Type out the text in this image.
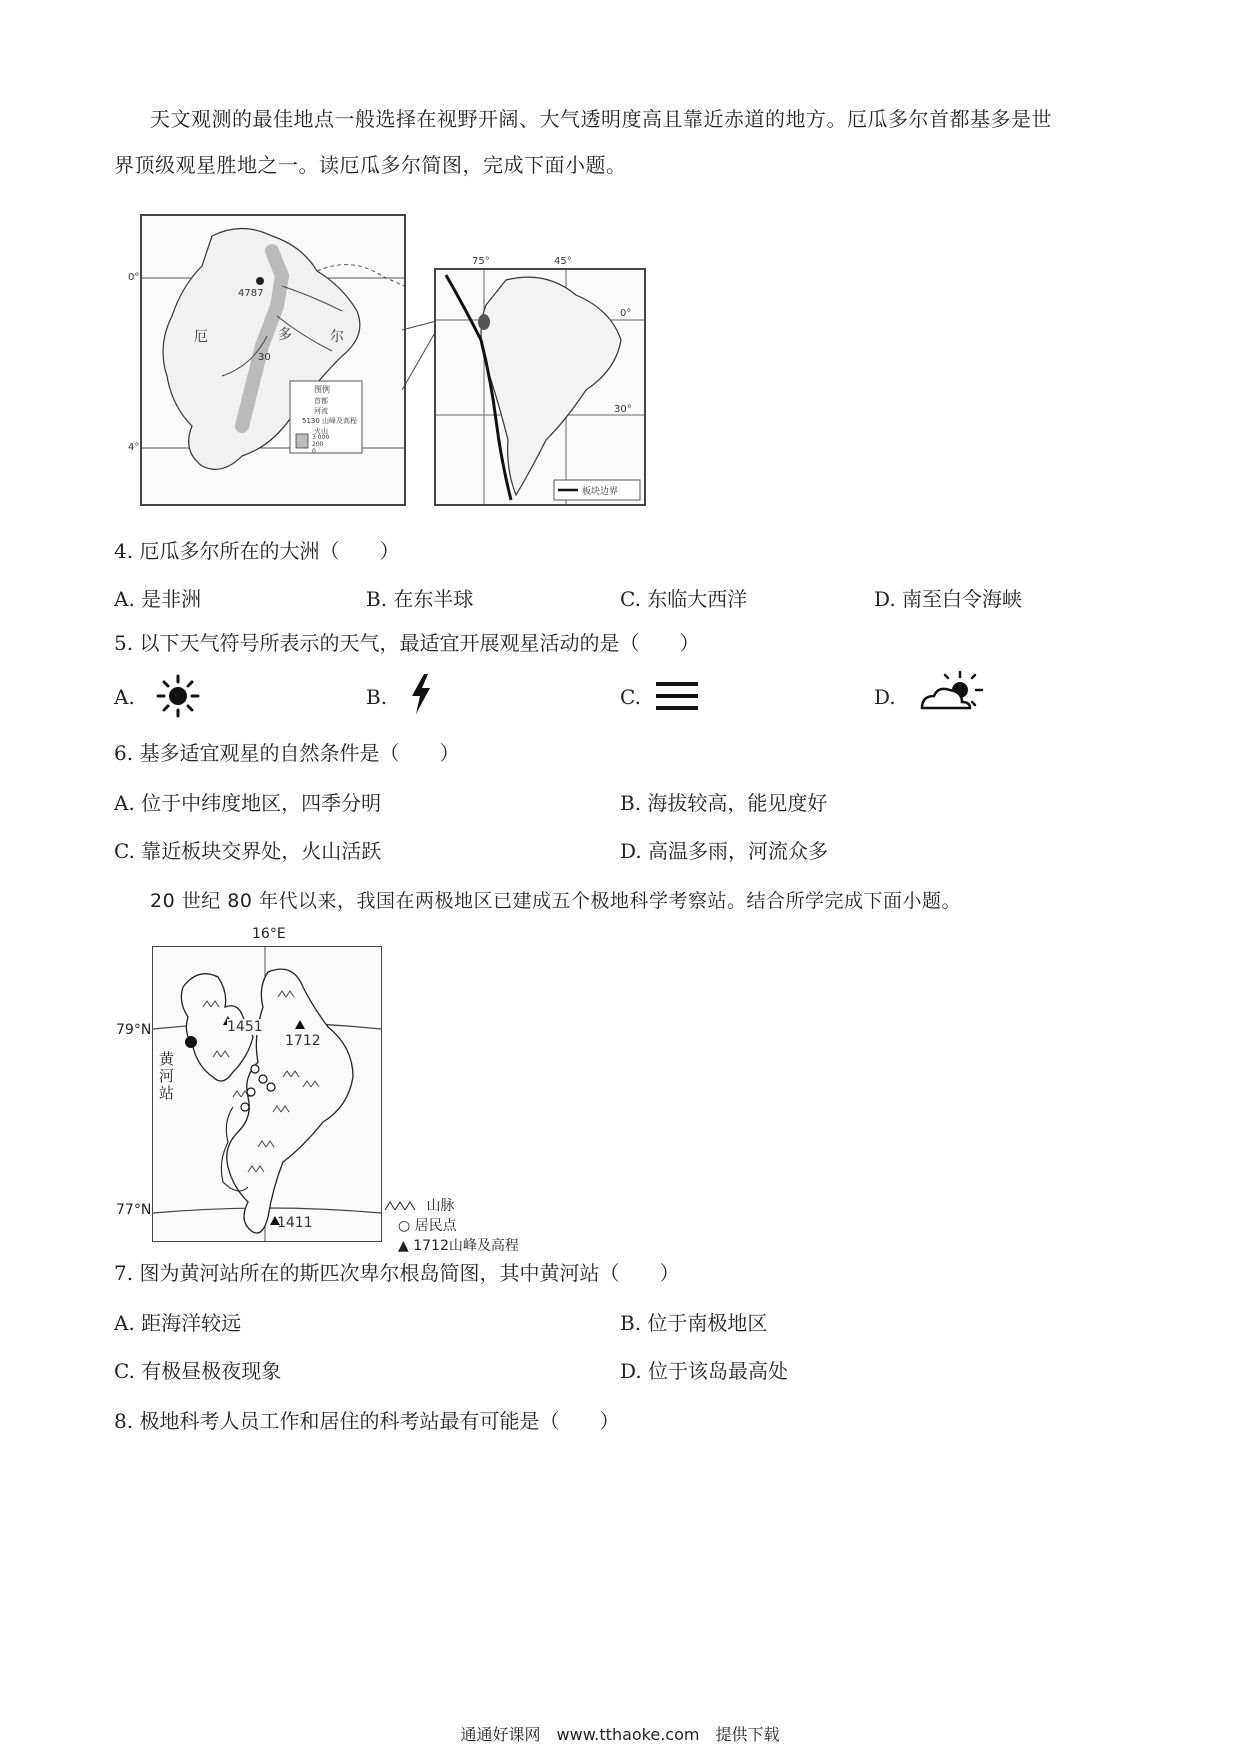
天文观测的最佳地点一般选择在视野开阔、大气透明度高且靠近赤道的地方。厄瓜多尔首都基多是世
界顶级观星胜地之一。读厄瓜多尔简图，完成下面小题。
0°
4°
4787
厄	多	尔
30
图例
首都
河流
5130 山峰及高程
火山
3 000
200
0
75°	45°
0°
30°
板块边界
4. 厄瓜多尔所在的大洲（　　）
A. 是非洲	B. 在东半球	C. 东临大西洋	D. 南至白令海峡
5. 以下天气符号所表示的天气，最适宜开展观星活动的是（　　）
A.	B.	C.	D.
6. 基多适宜观星的自然条件是（　　）
A. 位于中纬度地区，四季分明	B. 海拔较高，能见度好
C. 靠近板块交界处，火山活跃	D. 高温多雨，河流众多
20 世纪 80 年代以来，我国在两极地区已建成五个极地科学考察站。结合所学完成下面小题。
16°E
1451
1712
1411
黄河站
79°N
77°N	山脉
○ 居民点
▲ 1712山峰及高程
7. 图为黄河站所在的斯匹次卑尔根岛简图，其中黄河站（　　）
A. 距海洋较远	B. 位于南极地区
C. 有极昼极夜现象	D. 位于该岛最高处
8. 极地科考人员工作和居住的科考站最有可能是（　　）
通通好课网　www.tthaoke.com　提供下载
